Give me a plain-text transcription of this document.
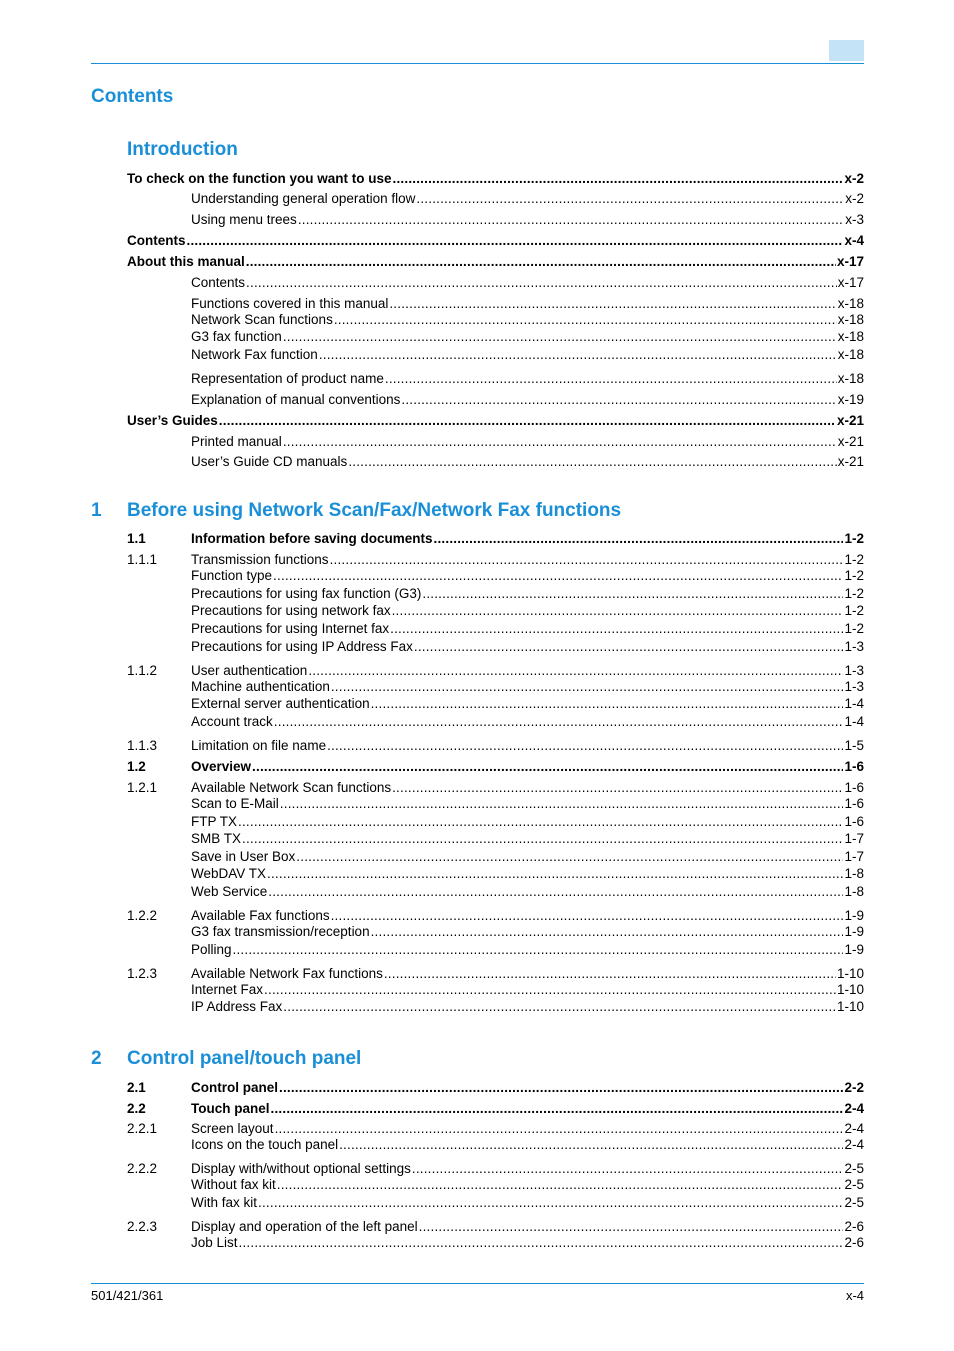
Contents
Introduction
1 Before using Network Scan/Fax/Network Fax functions
2 Control panel/touch panel
To check on the function you want to use .....	x-2
Understanding general operation flow .....	x-2
Using menu trees .....	x-3
Contents .....	x-4
About this manual .....	x-17
Contents .....	x-17
Functions covered in this manual .....	x-18
Network Scan functions .....	x-18
G3 fax function .....	x-18
Network Fax function .....	x-18
Representation of product name .....	x-18
Explanation of manual conventions .....	x-19
User’s Guides .....	x-21
Printed manual .....	x-21
User’s Guide CD manuals .....	x-21
1.1	Information before saving documents .....	1-2
1.1.1	Transmission functions .....	1-2
Function type .....	1-2
Precautions for using fax function (G3) .....	1-2
Precautions for using network fax .....	1-2
Precautions for using Internet fax .....	1-2
Precautions for using IP Address Fax .....	1-3
1.1.2	User authentication .....	1-3
Machine authentication .....	1-3
External server authentication .....	1-4
Account track .....	1-4
1.1.3	Limitation on file name .....	1-5
1.2	Overview .....	1-6
1.2.1	Available Network Scan functions .....	1-6
Scan to E-Mail .....	1-6
FTP TX .....	1-6
SMB TX .....	1-7
Save in User Box .....	1-7
WebDAV TX .....	1-8
Web Service .....	1-8
1.2.2	Available Fax functions .....	1-9
G3 fax transmission/reception .....	1-9
Polling .....	1-9
1.2.3	Available Network Fax functions .....	1-10
Internet Fax .....	1-10
IP Address Fax .....	1-10
2.1	Control panel .....	2-2
2.2	Touch panel .....	2-4
2.2.1	Screen layout .....	2-4
Icons on the touch panel .....	2-4
2.2.2	Display with/without optional settings .....	2-5
Without fax kit .....	2-5
With fax kit .....	2-5
2.2.3	Display and operation of the left panel .....	2-6
Job List .....	2-6
501/421/361	x-4
